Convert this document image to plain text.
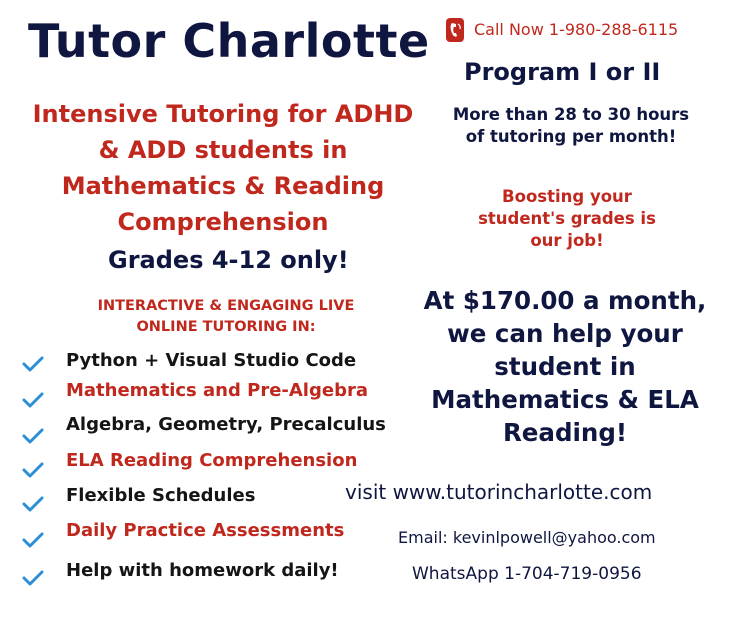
Tutor Charlotte	Call Now 1-980-288-6115
Program I or II
More than 28 to 30 hours of tutoring per month!
Boosting your student's grades is our job!
Intensive Tutoring for ADHD & ADD students in Mathematics & Reading Comprehension
Grades 4-12 only!
INTERACTIVE & ENGAGING LIVE ONLINE TUTORING IN:
Python + Visual Studio Code
Mathematics and Pre-Algebra
Algebra, Geometry, Precalculus
ELA Reading Comprehension
Flexible Schedules
Daily Practice Assessments
Help with homework daily!
At $170.00 a month, we can help your student in Mathematics & ELA Reading!
visit www.tutorincharlotte.com
Email: kevinlpowell@yahoo.com
WhatsApp 1-704-719-0956
